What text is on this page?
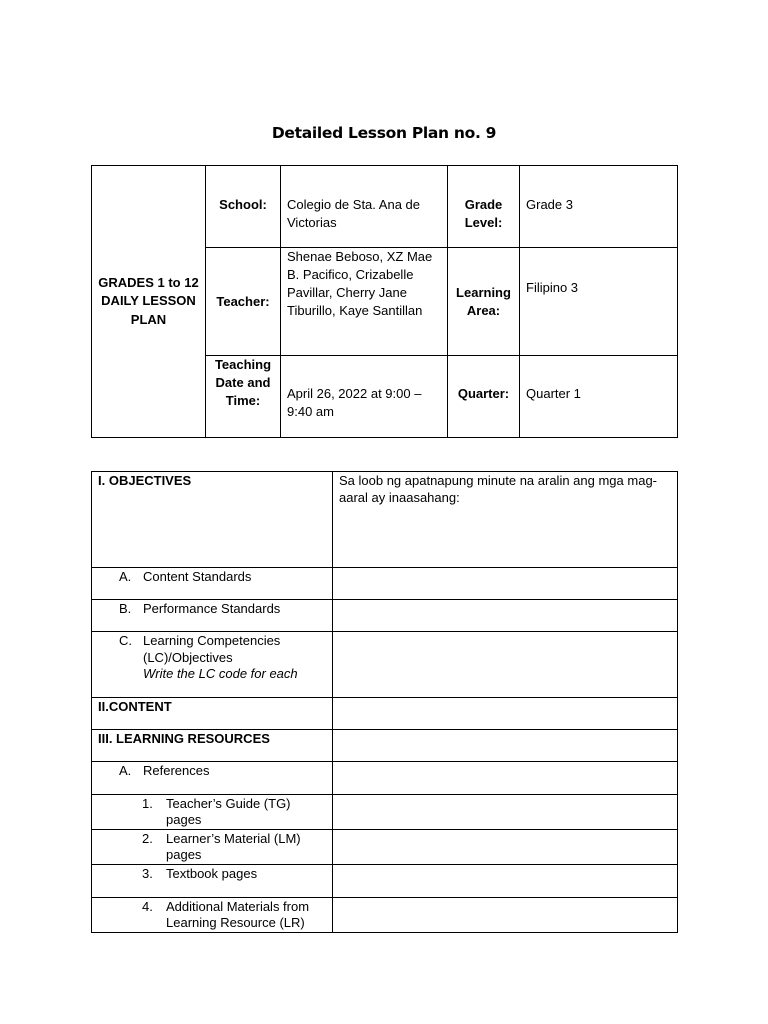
Detailed Lesson Plan no. 9
GRADES 1 to 12 DAILY LESSON PLAN	School:	Colegio de Sta. Ana de Victorias	Grade Level:	Grade 3
	Teacher:	Shenae Beboso, XZ Mae B. Pacifico, Crizabelle Pavillar, Cherry Jane Tiburillo, Kaye Santillan	Learning Area:	Filipino 3
	Teaching Date and Time:	April 26, 2022 at 9:00 – 9:40 am	Quarter:	Quarter 1
I. OBJECTIVES	Sa loob ng apatnapung minute na aralin ang mga mag-aaral ay inaasahang:

A. Content Standards	

B. Performance Standards	

C. Learning Competencies (LC)/Objectives
Write the LC code for each	

II.CONTENT	
III. LEARNING RESOURCES	

A. References	

1. Teacher’s Guide (TG) pages	

2. Learner’s Material (LM) pages	

3. Textbook pages	

4. Additional Materials from Learning Resource (LR)	
